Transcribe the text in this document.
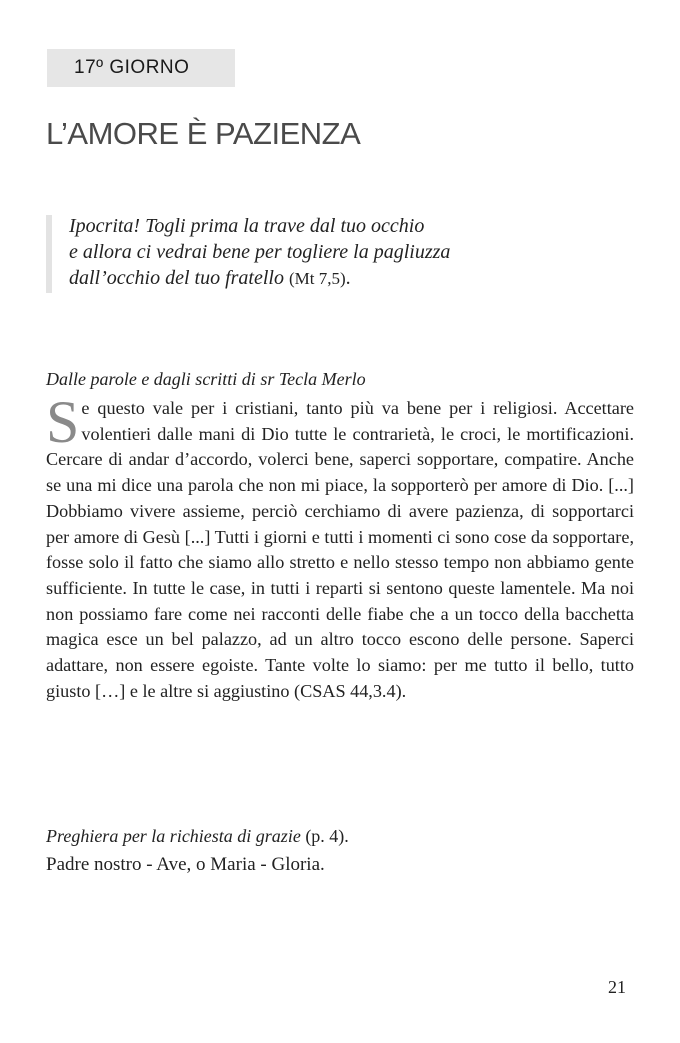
17º GIORNO
L’AMORE È PAZIENZA
Ipocrita! Togli prima la trave dal tuo occhio
e allora ci vedrai bene per togliere la pagliuzza
dall’occhio del tuo fratello (Mt 7,5).
Dalle parole e dagli scritti di sr Tecla Merlo

Se questo vale per i cristiani, tanto più va bene per i religiosi. Accettare volentieri dalle mani di Dio tutte le contrarietà, le croci, le mortificazioni. Cercare di andar d’accordo, volerci bene, saperci sopportare, compatire. Anche se una mi dice una parola che non mi piace, la sopporterò per amore di Dio. [...] Dobbiamo vivere assieme, perciò cerchiamo di avere pazienza, di sopportarci per amore di Gesù [...] Tutti i giorni e tutti i momenti ci sono cose da sopportare, fosse solo il fatto che siamo allo stretto e nello stesso tempo non abbiamo gente sufficiente. In tutte le case, in tutti i reparti si sentono queste lamentele. Ma noi non possiamo fare come nei racconti delle fiabe che a un tocco della bacchetta magica esce un bel palazzo, ad un altro tocco escono delle persone. Saperci adattare, non essere egoiste. Tante volte lo siamo: per me tutto il bello, tutto giusto […] e le altre si aggiustino (CSAS 44,3.4).

Preghiera per la richiesta di grazie (p. 4).
Padre nostro - Ave, o Maria - Gloria.
21
